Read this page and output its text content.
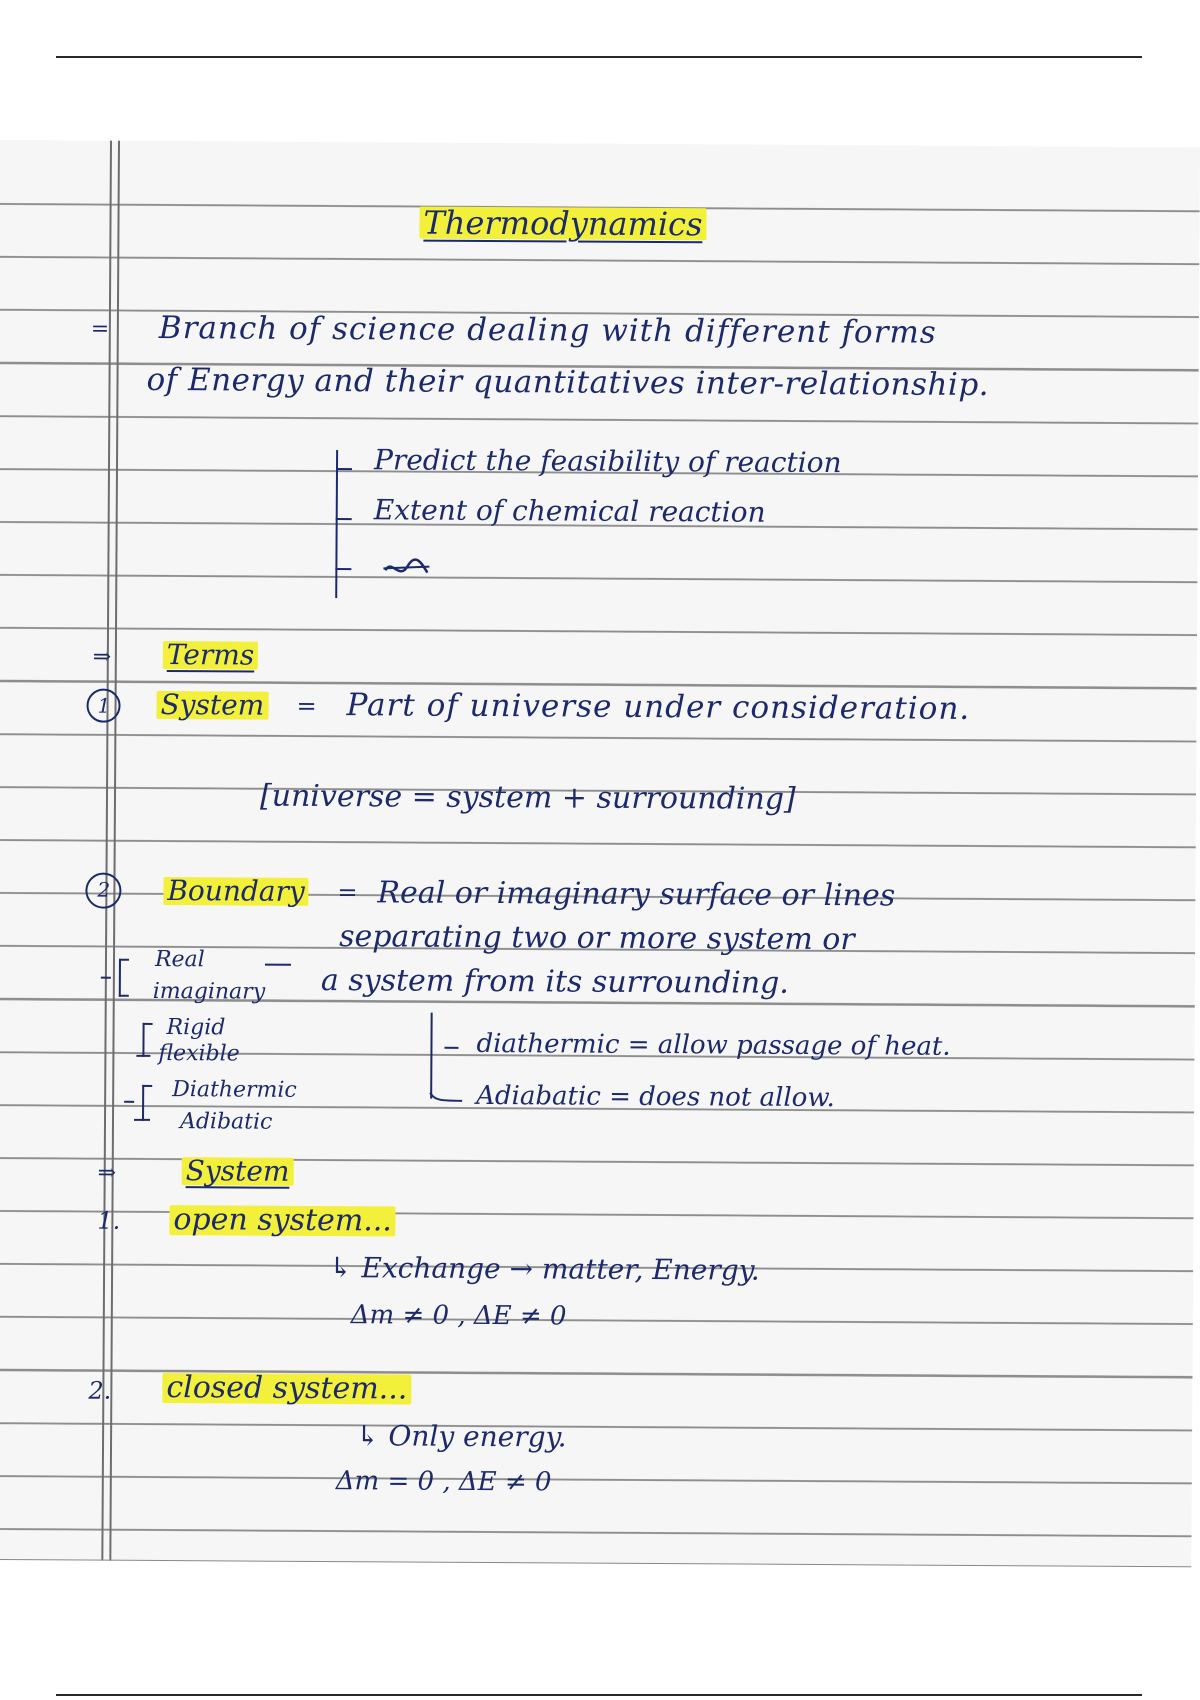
Thermodynamics
= Branch of science dealing with different forms
of Energy and their quantitatives inter-relationship.
Predict the feasibility of reaction
Extent of chemical reaction
⇒ Terms
1 System = Part of universe under consideration.
[universe = system + surrounding]
2 Boundary = Real or imaginary surface or lines
separating two or more system or
a system from its surrounding.
Real
imaginary
Rigid
flexible
Diathermic
Adibatic
diathermic = allow passage of heat.
Adiabatic = does not allow.
⇒ System
1. open system...
↳ Exchange → matter, Energy.
Δm ≠ 0 , ΔE ≠ 0
2. closed system...
↳ Only energy.
Δm = 0 , ΔE ≠ 0
